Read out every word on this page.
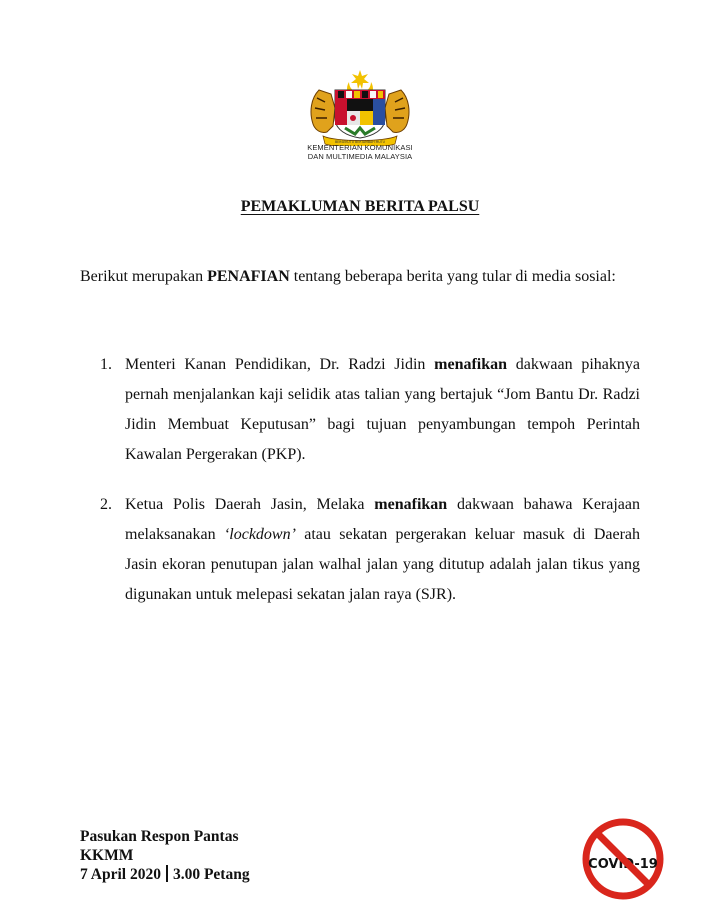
BERSEKUTU BERTAMBAH MUTU
KEMENTERIAN KOMUNIKASI
DAN MULTIMEDIA MALAYSIA
PEMAKLUMAN BERITA PALSU
Berikut merupakan PENAFIAN tentang beberapa berita yang tular di media sosial:
1. Menteri Kanan Pendidikan, Dr. Radzi Jidin menafikan dakwaan pihaknya pernah menjalankan kaji selidik atas talian yang bertajuk “Jom Bantu Dr. Radzi Jidin Membuat Keputusan” bagi tujuan penyambungan tempoh Perintah Kawalan Pergerakan (PKP).
2. Ketua Polis Daerah Jasin, Melaka menafikan dakwaan bahawa Kerajaan melaksanakan ‘lockdown’ atau sekatan pergerakan keluar masuk di Daerah Jasin ekoran penutupan jalan walhal jalan yang ditutup adalah jalan tikus yang digunakan untuk melepasi sekatan jalan raya (SJR).
Pasukan Respon Pantas
KKMM
7 April 2020 3.00 Petang
COVID-19
